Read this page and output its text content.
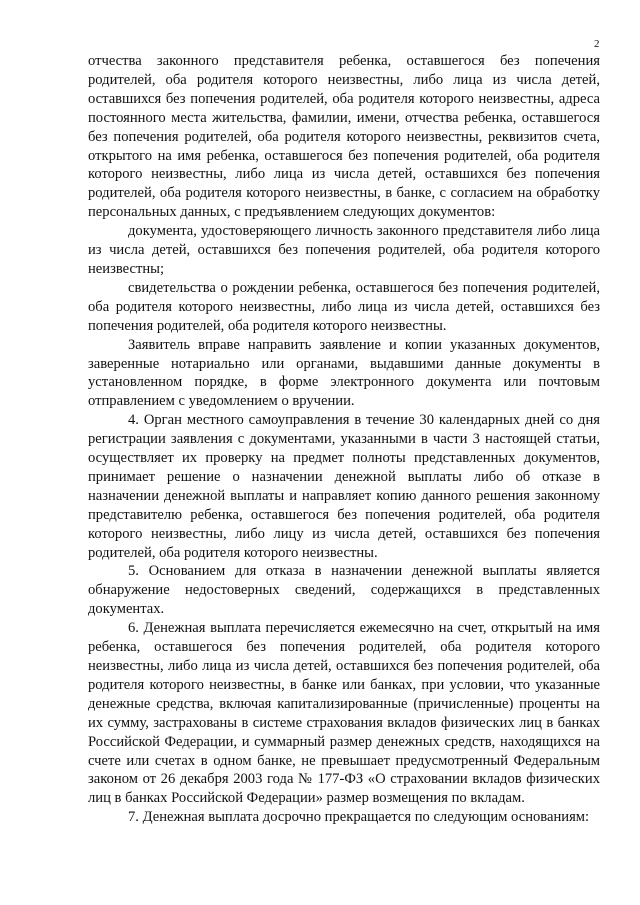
2

отчества законного представителя ребенка, оставшегося без попечения родителей, оба родителя которого неизвестны, либо лица из числа детей, оставшихся без попечения родителей, оба родителя которого неизвестны, адреса постоянного места жительства, фамилии, имени, отчества ребенка, оставшегося без попечения родителей, оба родителя которого неизвестны, реквизитов счета, открытого на имя ребенка, оставшегося без попечения родителей, оба родителя которого неизвестны, либо лица из числа детей, оставшихся без попечения родителей, оба родителя которого неизвестны, в банке, с согласием на обработку персональных данных, с предъявлением следующих документов:

документа, удостоверяющего личность законного представителя либо лица из числа детей, оставшихся без попечения родителей, оба родителя которого неизвестны;

свидетельства о рождении ребенка, оставшегося без попечения родителей, оба родителя которого неизвестны, либо лица из числа детей, оставшихся без попечения родителей, оба родителя которого неизвестны.

Заявитель вправе направить заявление и копии указанных документов, заверенные нотариально или органами, выдавшими данные документы в установленном порядке, в форме электронного документа или почтовым отправлением с уведомлением о вручении.

4. Орган местного самоуправления в течение 30 календарных дней со дня регистрации заявления с документами, указанными в части 3 настоящей статьи, осуществляет их проверку на предмет полноты представленных документов, принимает решение о назначении денежной выплаты либо об отказе в назначении денежной выплаты и направляет копию данного решения законному представителю ребенка, оставшегося без попечения родителей, оба родителя которого неизвестны, либо лицу из числа детей, оставшихся без попечения родителей, оба родителя которого неизвестны.

5. Основанием для отказа в назначении денежной выплаты является обнаружение недостоверных сведений, содержащихся в представленных документах.

6. Денежная выплата перечисляется ежемесячно на счет, открытый на имя ребенка, оставшегося без попечения родителей, оба родителя которого неизвестны, либо лица из числа детей, оставшихся без попечения родителей, оба родителя которого неизвестны, в банке или банках, при условии, что указанные денежные средства, включая капитализированные (причисленные) проценты на их сумму, застрахованы в системе страхования вкладов физических лиц в банках Российской Федерации, и суммарный размер денежных средств, находящихся на счете или счетах в одном банке, не превышает предусмотренный Федеральным законом от 26 декабря 2003 года № 177-ФЗ «О страховании вкладов физических лиц в банках Российской Федерации» размер возмещения по вкладам.

7. Денежная выплата досрочно прекращается по следующим основаниям:
